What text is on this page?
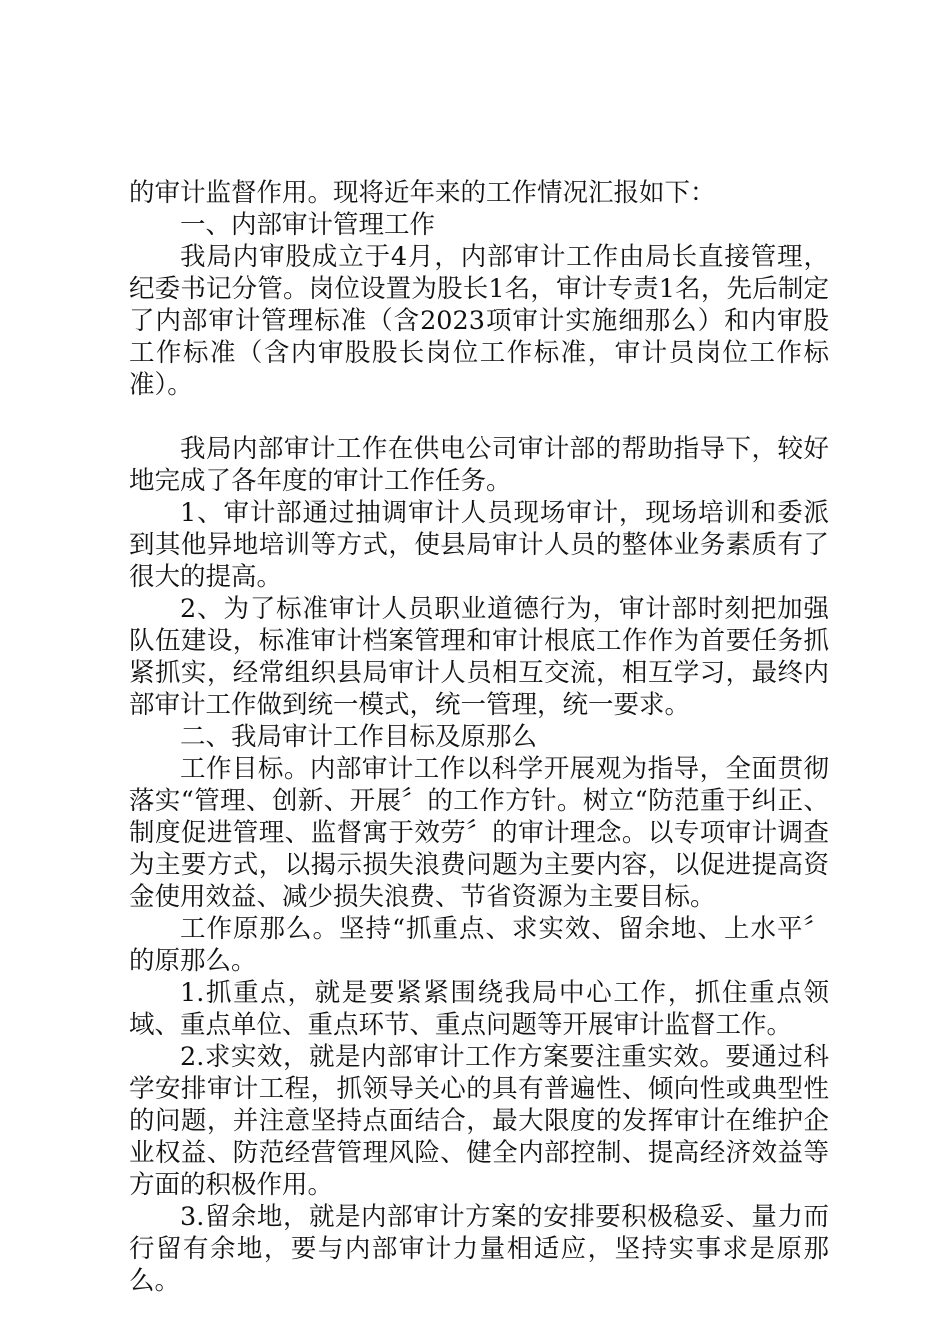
的审计监督作用。现将近年来的工作情况汇报如下：

一、内部审计管理工作

我局内审股成立于4月，内部审计工作由局长直接管理，纪委书记分管。岗位设置为股长1名，审计专责1名，先后制定了内部审计管理标准（含2023项审计实施细那么）和内审股工作标准（含内审股股长岗位工作标准，审计员岗位工作标准）。

我局内部审计工作在供电公司审计部的帮助指导下，较好地完成了各年度的审计工作任务。

1、审计部通过抽调审计人员现场审计，现场培训和委派到其他异地培训等方式，使县局审计人员的整体业务素质有了很大的提高。

2、为了标准审计人员职业道德行为，审计部时刻把加强队伍建设，标准审计档案管理和审计根底工作作为首要任务抓紧抓实，经常组织县局审计人员相互交流，相互学习，最终内部审计工作做到统一模式，统一管理，统一要求。

二、我局审计工作目标及原那么

工作目标。内部审计工作以科学开展观为指导，全面贯彻落实“管理、创新、开展〞的工作方针。树立“防范重于纠正、制度促进管理、监督寓于效劳〞的审计理念。以专项审计调查为主要方式，以揭示损失浪费问题为主要内容，以促进提高资金使用效益、减少损失浪费、节省资源为主要目标。

工作原那么。坚持“抓重点、求实效、留余地、上水平〞的原那么。

1.抓重点，就是要紧紧围绕我局中心工作，抓住重点领域、重点单位、重点环节、重点问题等开展审计监督工作。

2.求实效，就是内部审计工作方案要注重实效。要通过科学安排审计工程，抓领导关心的具有普遍性、倾向性或典型性的问题，并注意坚持点面结合，最大限度的发挥审计在维护企业权益、防范经营管理风险、健全内部控制、提高经济效益等方面的积极作用。

3.留余地，就是内部审计方案的安排要积极稳妥、量力而行留有余地，要与内部审计力量相适应，坚持实事求是原那么。
